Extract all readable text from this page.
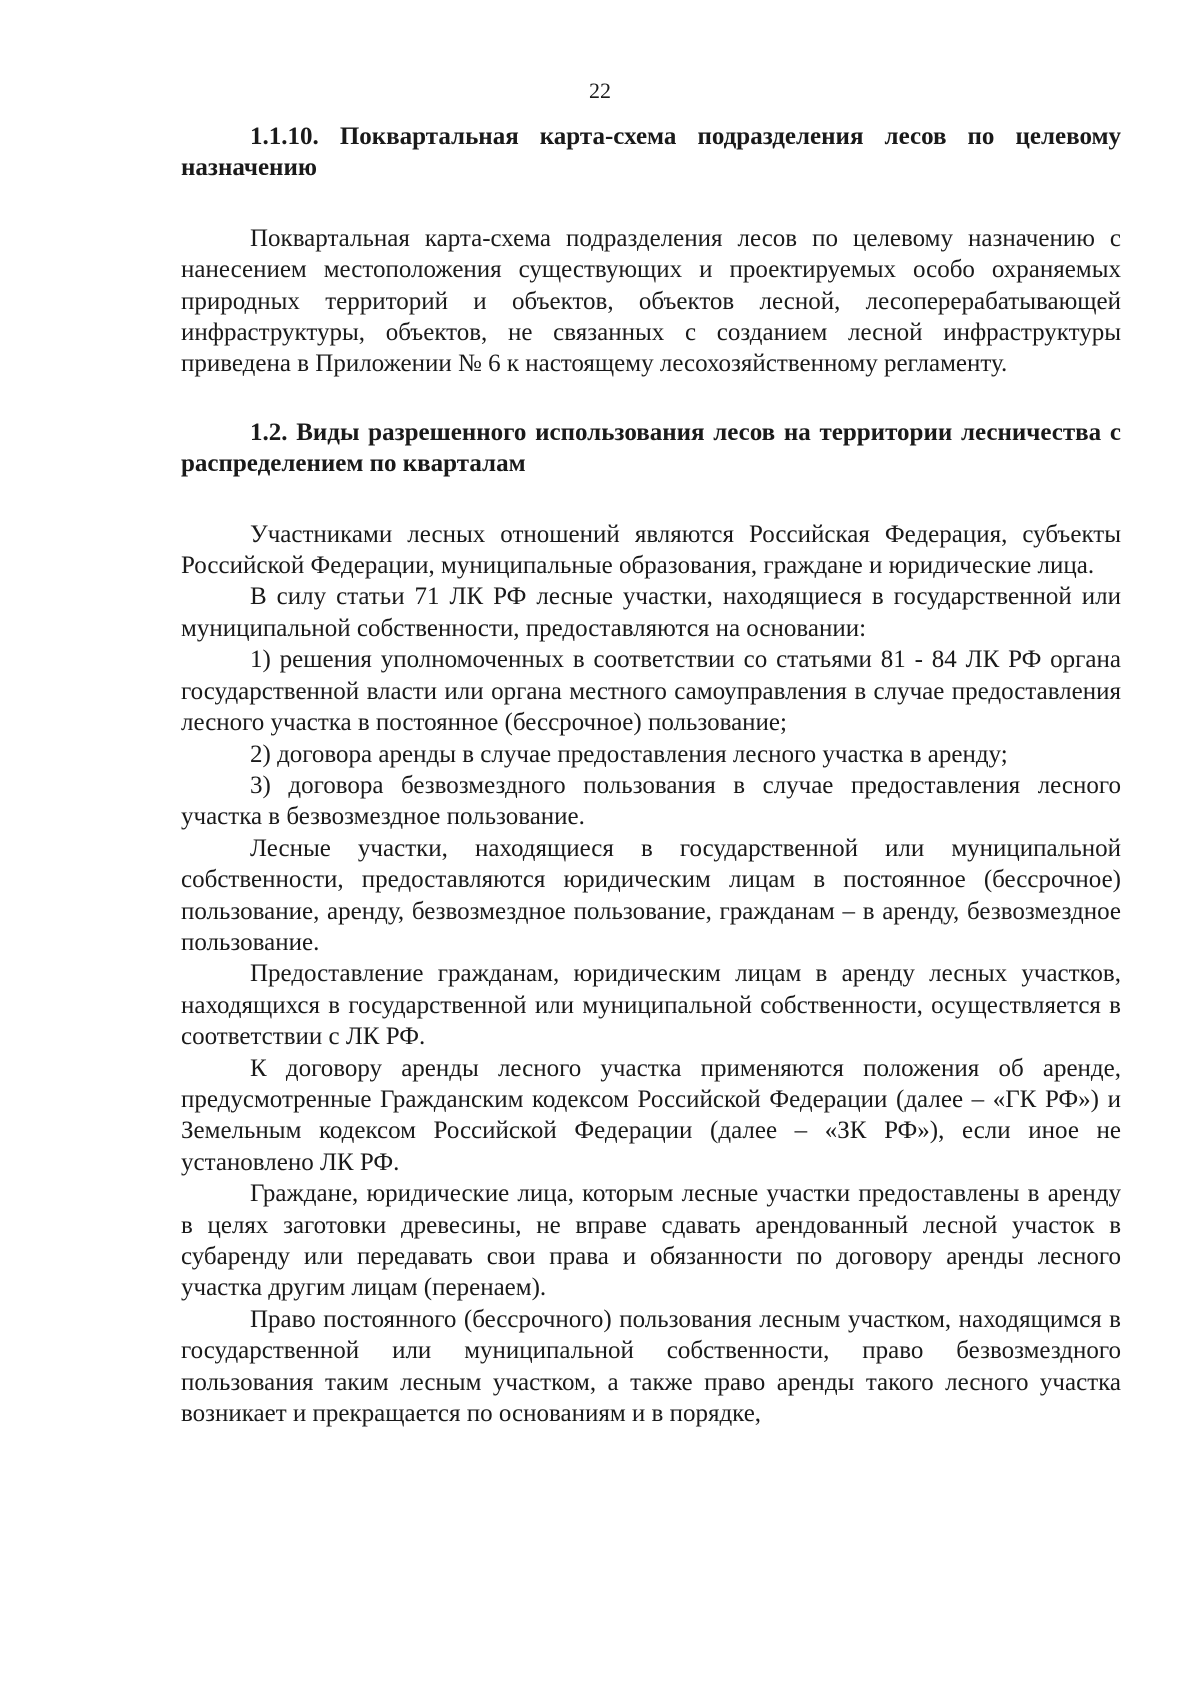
22

1.1.10. Поквартальная карта-схема подразделения лесов по целевому назначению

Поквартальная карта-схема подразделения лесов по целевому назначению с нанесением местоположения существующих и проектируемых особо охраняемых природных территорий и объектов, объектов лесной, лесоперерабатывающей инфраструктуры, объектов, не связанных с созданием лесной инфраструктуры приведена в Приложении № 6 к настоящему лесохозяйственному регламенту.

1.2. Виды разрешенного использования лесов на территории лесничества с распределением по кварталам

Участниками лесных отношений являются Российская Федерация, субъекты Российской Федерации, муниципальные образования, граждане и юридические лица.

В силу статьи 71 ЛК РФ лесные участки, находящиеся в государственной или муниципальной собственности, предоставляются на основании:

1) решения уполномоченных в соответствии со статьями 81 - 84 ЛК РФ органа государственной власти или органа местного самоуправления в случае предоставления лесного участка в постоянное (бессрочное) пользование;

2) договора аренды в случае предоставления лесного участка в аренду;

3) договора безвозмездного пользования в случае предоставления лесного участка в безвозмездное пользование.

Лесные участки, находящиеся в государственной или муниципальной собственности, предоставляются юридическим лицам в постоянное (бессрочное) пользование, аренду, безвозмездное пользование, гражданам – в аренду, безвозмездное пользование.

Предоставление гражданам, юридическим лицам в аренду лесных участков, находящихся в государственной или муниципальной собственности, осуществляется в соответствии с ЛК РФ.

К договору аренды лесного участка применяются положения об аренде, предусмотренные Гражданским кодексом Российской Федерации (далее – «ГК РФ») и Земельным кодексом Российской Федерации (далее – «ЗК РФ»), если иное не установлено ЛК РФ.

Граждане, юридические лица, которым лесные участки предоставлены в аренду в целях заготовки древесины, не вправе сдавать арендованный лесной участок в субаренду или передавать свои права и обязанности по договору аренды лесного участка другим лицам (перенаем).

Право постоянного (бессрочного) пользования лесным участком, находящимся в государственной или муниципальной собственности, право безвозмездного пользования таким лесным участком, а также право аренды такого лесного участка возникает и прекращается по основаниям и в порядке,
